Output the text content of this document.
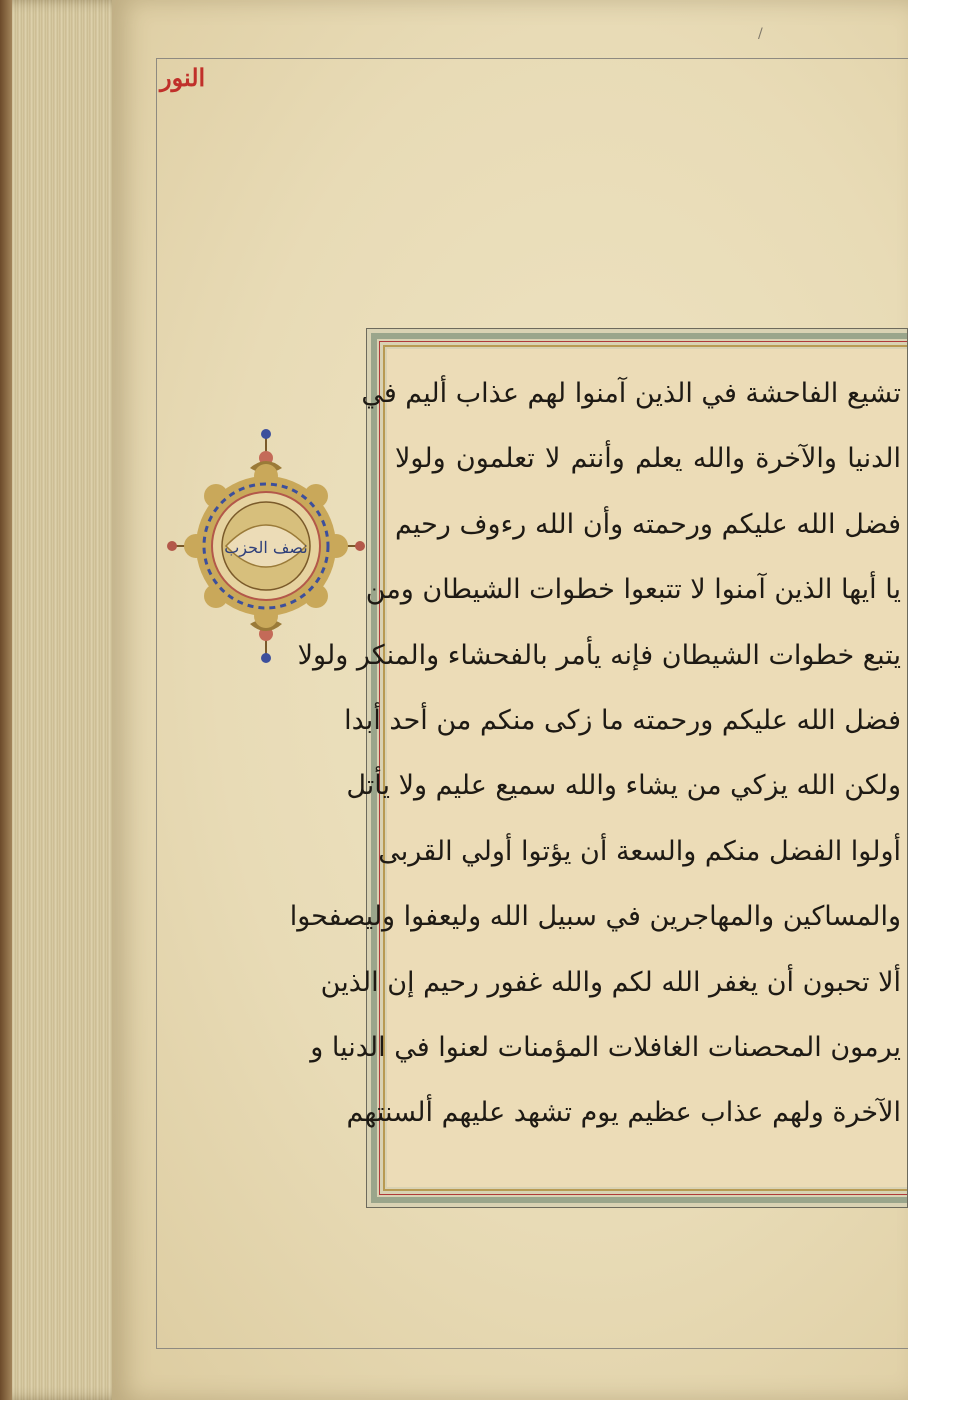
/
النور
نصف الحزب
تشيع الفاحشة في الذين آمنوا لهم عذاب أليم في
الدنيا والآخرة والله يعلم وأنتم لا تعلمون ولولا
فضل الله عليكم ورحمته وأن الله رءوف رحيم
يا أيها الذين آمنوا لا تتبعوا خطوات الشيطان ومن
يتبع خطوات الشيطان فإنه يأمر بالفحشاء والمنكر ولولا
فضل الله عليكم ورحمته ما زكى منكم من أحد أبدا
ولكن الله يزكي من يشاء والله سميع عليم ولا يأتل
أولوا الفضل منكم والسعة أن يؤتوا أولي القربى
والمساكين والمهاجرين في سبيل الله وليعفوا وليصفحوا
ألا تحبون أن يغفر الله لكم والله غفور رحيم إن الذين
يرمون المحصنات الغافلات المؤمنات لعنوا في الدنيا و
الآخرة ولهم عذاب عظيم يوم تشهد عليهم ألسنتهم
